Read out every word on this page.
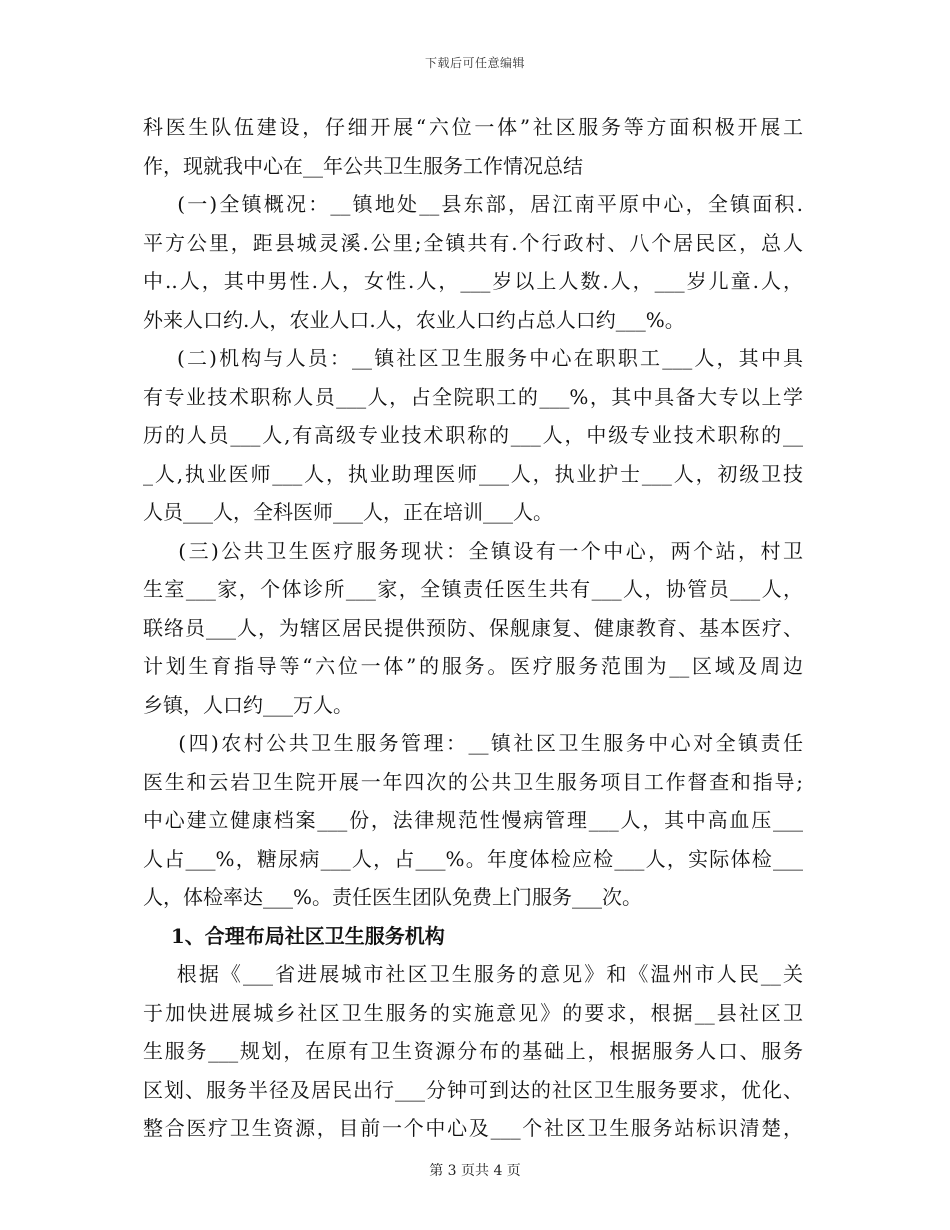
下载后可任意编辑
科医生队伍建设，仔细开展“六位一体”社区服务等方面积极开展工
作，现就我中心在__年公共卫生服务工作情况总结
(一)全镇概况：__镇地处__县东部，居江南平原中心，全镇面积.
平方公里，距县城灵溪.公里;全镇共有.个行政村、八个居民区，总人
中..人，其中男性.人，女性.人，___岁以上人数.人，___岁儿童.人，
外来人口约.人，农业人口.人，农业人口约占总人口约___%。
(二)机构与人员：__镇社区卫生服务中心在职职工___人，其中具
有专业技术职称人员___人，占全院职工的___%，其中具备大专以上学
历的人员___人,有高级专业技术职称的___人，中级专业技术职称的__
_人,执业医师___人，执业助理医师___人，执业护士___人，初级卫技
人员___人，全科医师___人，正在培训___人。
(三)公共卫生医疗服务现状：全镇设有一个中心，两个站，村卫
生室___家，个体诊所___家，全镇责任医生共有___人，协管员___人，
联络员___人，为辖区居民提供预防、保舰康复、健康教育、基本医疗、
计划生育指导等“六位一体”的服务。医疗服务范围为__区域及周边
乡镇，人口约___万人。
(四)农村公共卫生服务管理：__镇社区卫生服务中心对全镇责任
医生和云岩卫生院开展一年四次的公共卫生服务项目工作督查和指导;
中心建立健康档案___份，法律规范性慢病管理___人，其中高血压___
人占___%，糖尿病___人，占___%。年度体检应检___人，实际体检___
人，体检率达___%。责任医生团队免费上门服务___次。
1、合理布局社区卫生服务机构
根据《___省进展城市社区卫生服务的意见》和《温州市人民__关
于加快进展城乡社区卫生服务的实施意见》的要求，根据__县社区卫
生服务___规划，在原有卫生资源分布的基础上，根据服务人口、服务
区划、服务半径及居民出行___分钟可到达的社区卫生服务要求，优化、
整合医疗卫生资源，目前一个中心及___个社区卫生服务站标识清楚，
第 3 页共 4 页
